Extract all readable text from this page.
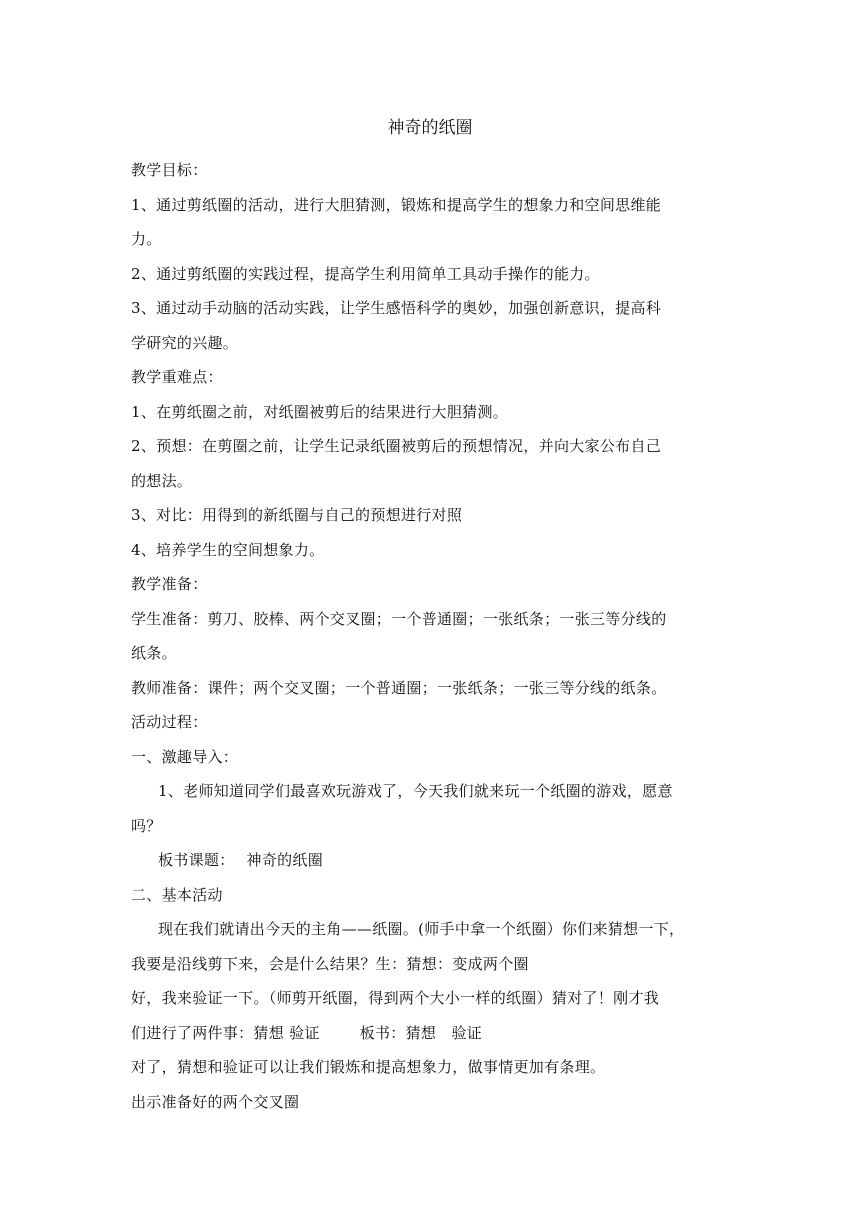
神奇的纸圈

教学目标：

1、通过剪纸圈的活动，进行大胆猜测，锻炼和提高学生的想象力和空间思维能

力。

2、通过剪纸圈的实践过程，提高学生利用简单工具动手操作的能力。

3、通过动手动脑的活动实践，让学生感悟科学的奥妙，加强创新意识，提高科

学研究的兴趣。

教学重难点：

1、在剪纸圈之前，对纸圈被剪后的结果进行大胆猜测。

2、预想：在剪圈之前，让学生记录纸圈被剪后的预想情况，并向大家公布自己

的想法。

3、对比：用得到的新纸圈与自己的预想进行对照

4、培养学生的空间想象力。

教学准备：

学生准备：剪刀、胶棒、两个交叉圈；一个普通圈；一张纸条；一张三等分线的

纸条。

教师准备：课件；两个交叉圈；一个普通圈；一张纸条；一张三等分线的纸条。

活动过程：

一、激趣导入：

1、老师知道同学们最喜欢玩游戏了，今天我们就来玩一个纸圈的游戏，愿意

吗？

板书课题： 神奇的纸圈

二、基本活动

现在我们就请出今天的主角——纸圈。(师手中拿一个纸圈）你们来猜想一下，

我要是沿线剪下来，会是什么结果？生：猜想：变成两个圈

好，我来验证一下。（师剪开纸圈，得到两个大小一样的纸圈）猜对了！刚才我

们进行了两件事：猜想 验证	板书：猜想 验证

对了，猜想和验证可以让我们锻炼和提高想象力，做事情更加有条理。

出示准备好的两个交叉圈
